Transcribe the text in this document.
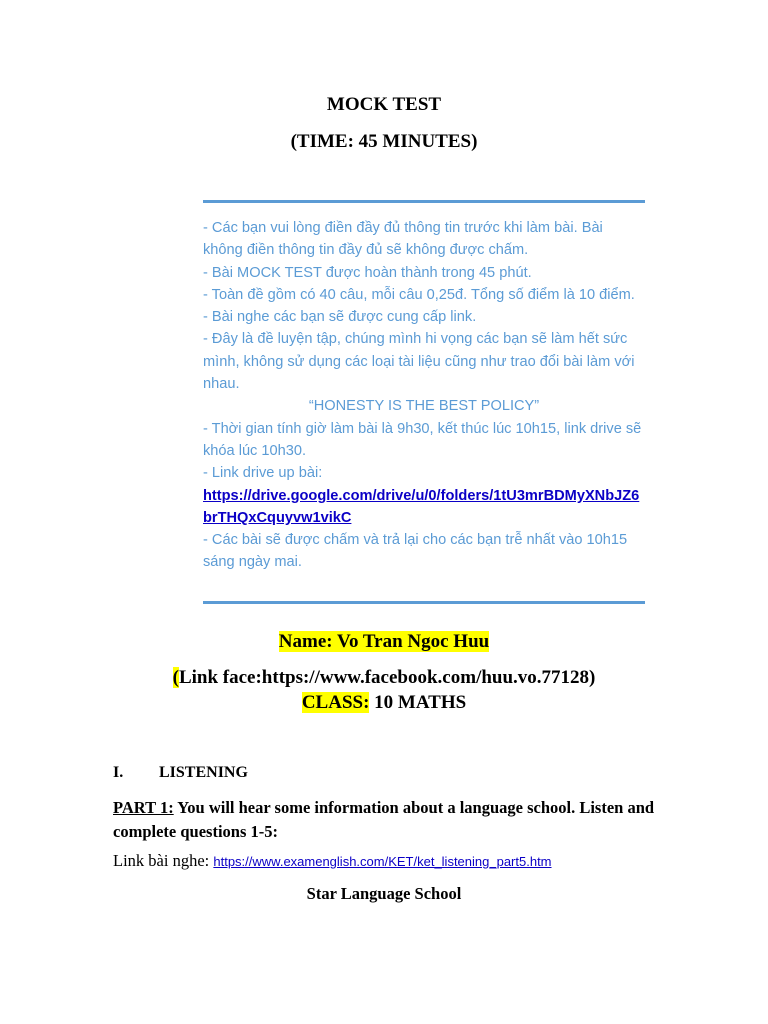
MOCK TEST
(TIME: 45 MINUTES)

- Các bạn vui lòng điền đầy đủ thông tin trước khi làm bài. Bài không điền thông tin đầy đủ sẽ không được chấm.

- Bài MOCK TEST được hoàn thành trong 45 phút.

- Toàn đề gồm có 40 câu, mỗi câu 0,25đ. Tổng số điểm là 10 điểm.

- Bài nghe các bạn sẽ được cung cấp link.

- Đây là đề luyện tập, chúng mình hi vọng các bạn sẽ làm hết sức mình, không sử dụng các loại tài liệu cũng như trao đổi bài làm với nhau.

“HONESTY IS THE BEST POLICY”

- Thời gian tính giờ làm bài là 9h30, kết thúc lúc 10h15, link drive sẽ khóa lúc 10h30.

- Link drive up bài:

https://drive.google.com/drive/u/0/folders/1tU3mrBDMyXNbJZ6brTHQxCquyvw1vikC

- Các bài sẽ được chấm và trả lại cho các bạn trễ nhất vào 10h15 sáng ngày mai.

Name: Vo Tran Ngoc Huu
(Link face:https://www.facebook.com/huu.vo.77128)
CLASS: 10 MATHS
I. LISTENING
PART 1: You will hear some information about a language school. Listen and complete questions 1-5:
Link bài nghe: https://www.examenglish.com/KET/ket_listening_part5.htm
Star Language School
